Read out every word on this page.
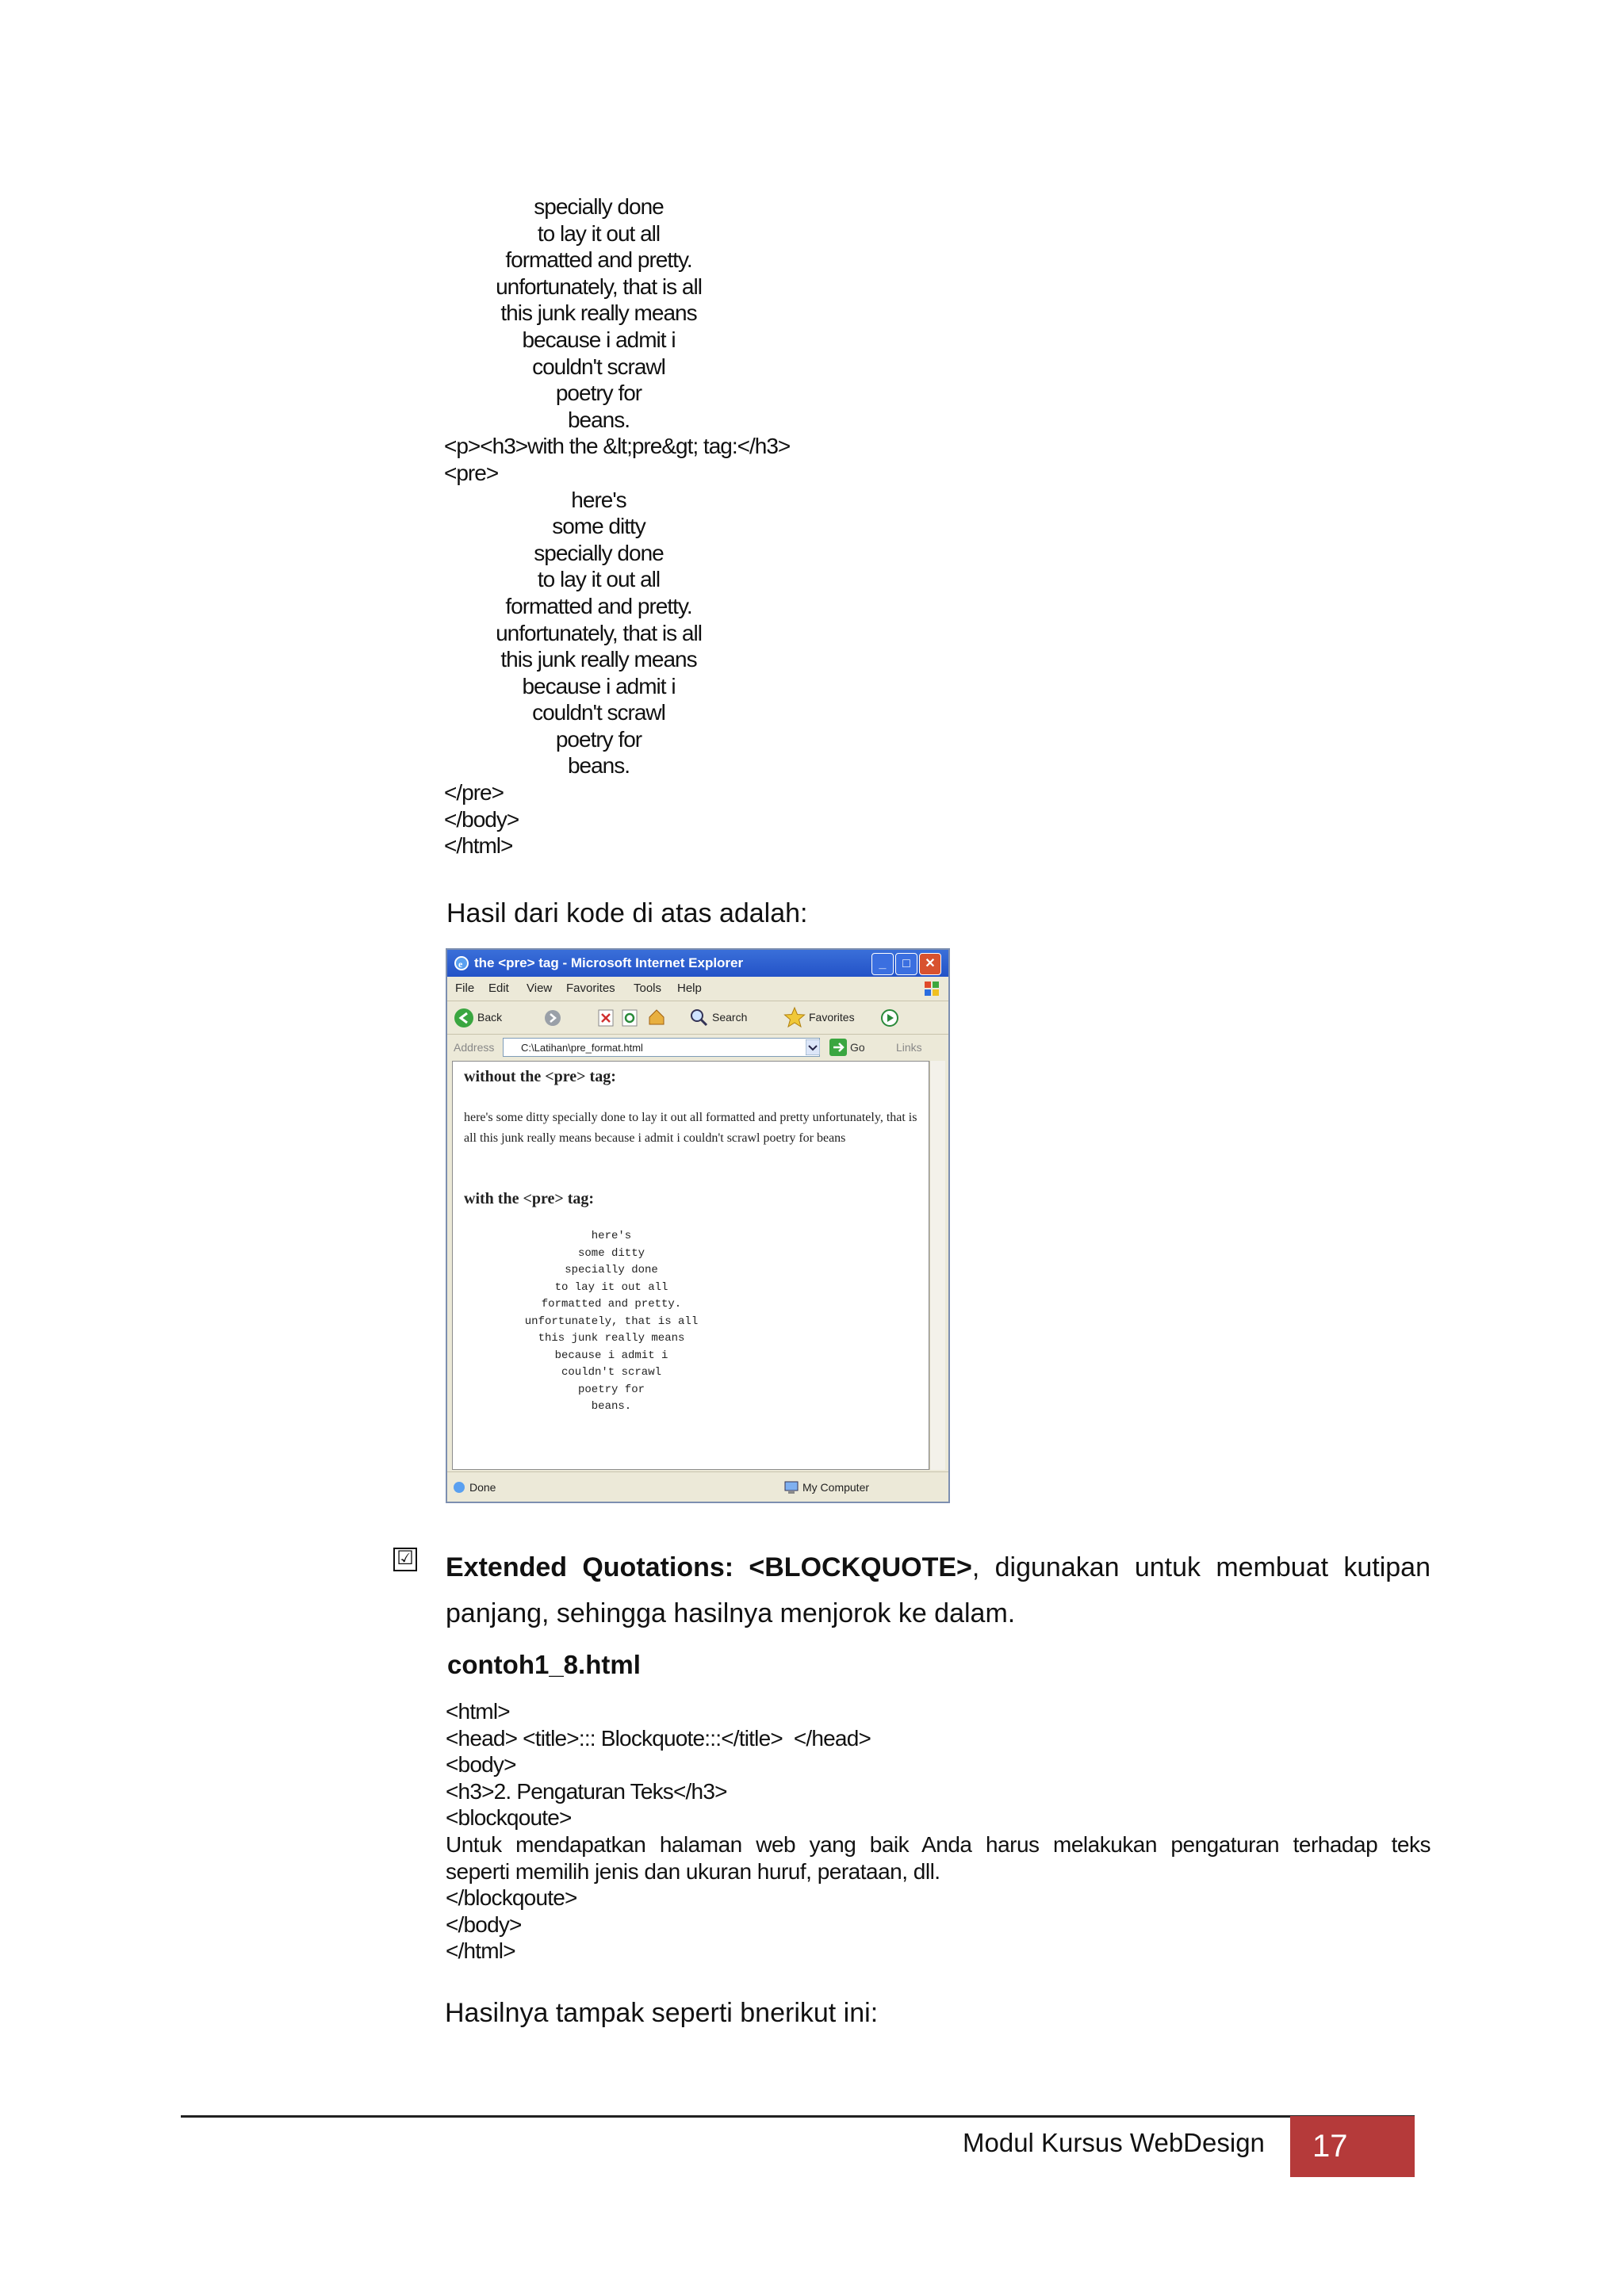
specially done
to lay it out all
formatted and pretty.
unfortunately, that is all
this junk really means
because i admit i
couldn't scrawl
poetry for
beans.
<p><h3>with the &lt;pre&gt; tag:</h3>
<pre>
here's
some ditty
specially done
to lay it out all
formatted and pretty.
unfortunately, that is all
this junk really means
because i admit i
couldn't scrawl
poetry for
beans.
</pre>
</body>
</html>
Hasil dari kode di atas adalah:
e the <pre> tag - Microsoft Internet Explorer	_	□	✕
File Edit View Favorites Tools Help
Back	Search	Favorites
Address	C:\Latihan\pre_format.html	Go	Links
without the <pre> tag:
here's some ditty specially done to lay it out all formatted and pretty unfortunately, that is all this junk really means because i admit i couldn't scrawl poetry for beans
with the <pre> tag:
here's
some ditty
specially done
to lay it out all
formatted and pretty.
unfortunately, that is all
this junk really means
because i admit i
couldn't scrawl
poetry for
beans.
Done	My Computer
☑ Extended Quotations: <BLOCKQUOTE>, digunakan untuk membuat kutipan panjang, sehingga hasilnya menjorok ke dalam.
contoh1_8.html
<html>
<head> <title>::: Blockquote:::</title>  </head>
<body>
<h3>2. Pengaturan Teks</h3>
<blockqoute>
Untuk mendapatkan halaman web yang baik Anda harus melakukan pengaturan terhadap teks
seperti memilih jenis dan ukuran huruf, perataan, dll.
</blockqoute>
</body>
</html>
Hasilnya tampak seperti bnerikut ini:
Modul Kursus WebDesign 17
